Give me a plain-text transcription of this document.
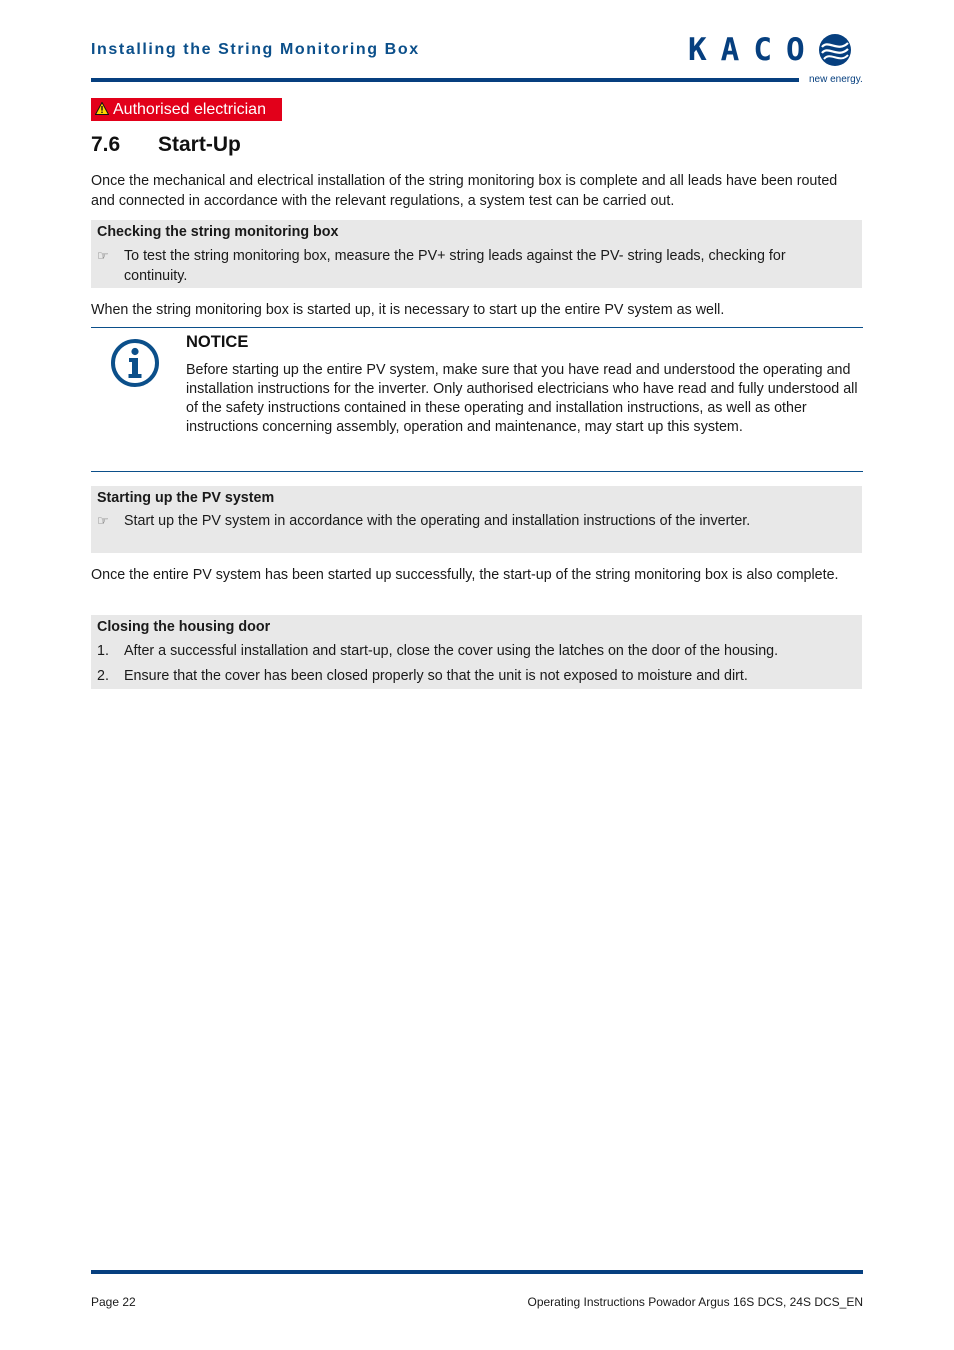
Installing the String Monitoring Box	KACO
new energy.
Authorised electrician
7.6 Start-Up
Once the mechanical and electrical installation of the string monitoring box is complete and all leads have been routed and connected in accordance with the relevant regulations, a system test can be carried out.
Checking the string monitoring box
☞ To test the string monitoring box, measure the PV+ string leads against the PV- string leads, checking for continuity.
When the string monitoring box is started up, it is necessary to start up the entire PV system as well.
NOTICE
Before starting up the entire PV system, make sure that you have read and understood the operating and installation instructions for the inverter. Only authorised electricians who have read and fully understood all of the safety instructions contained in these operating and installation instructions, as well as other instructions concerning assembly, operation and maintenance, may start up this system.
Starting up the PV system
☞ Start up the PV system in accordance with the operating and installation instructions of the inverter.
Once the entire PV system has been started up successfully, the start-up of the string monitoring box is also complete.
Closing the housing door
1. After a successful installation and start-up, close the cover using the latches on the door of the housing.
2. Ensure that the cover has been closed properly so that the unit is not exposed to moisture and dirt.
Page 22	Operating Instructions Powador Argus 16S DCS, 24S DCS_EN
